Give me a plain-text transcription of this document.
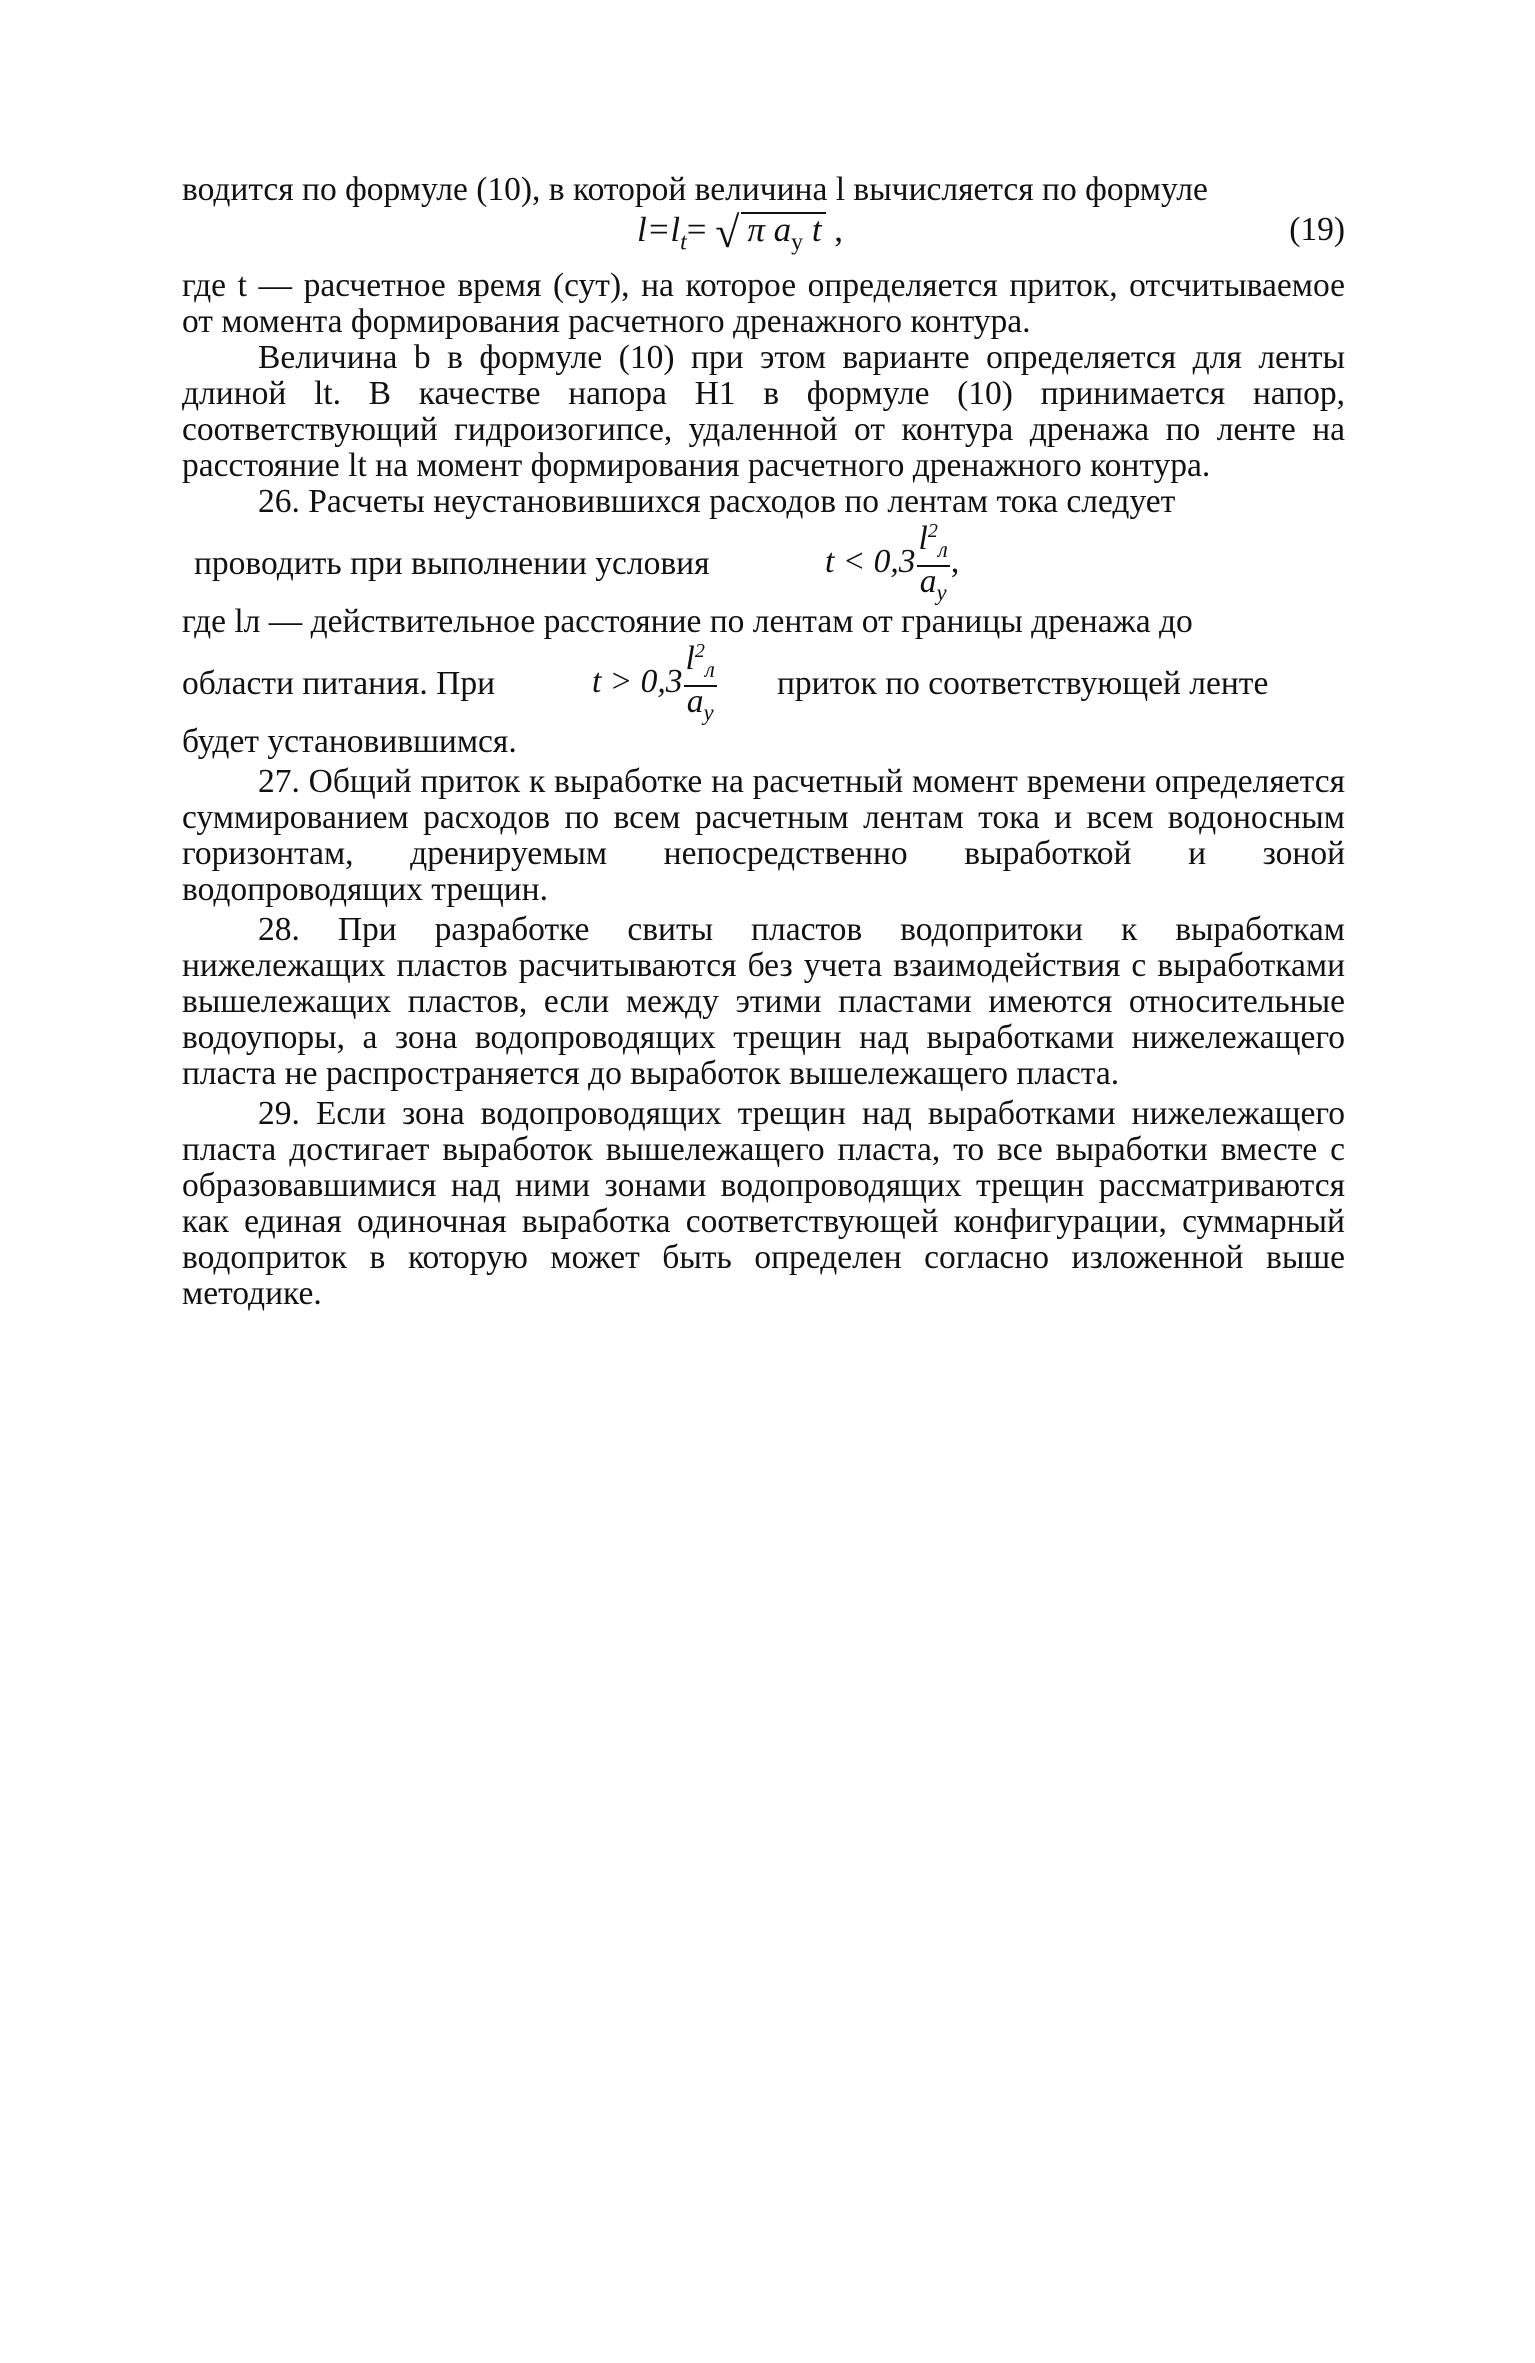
водится по формуле (10), в которой величина l вычисляется по формуле

$l=l_t=$ √ π $a_у$ t ,	(19)

где t — расчетное время (сут), на которое определяется приток, отсчитываемое от момента формирования расчетного дренажного контура.

Величина b в формуле (10) при этом варианте определяется для ленты длиной lt. В качестве напора H1 в формуле (10) принимается напор, соответствующий гидроизогипсе, удаленной от контура дренажа по ленте на расстояние lt на момент формирования расчетного дренажного контура.

26. Расчеты неустановившихся расходов по лентам тока следует

проводить при выполнении условия	$t < 0,3 \frac{l^2_л}{a_у}$ ,

где lл — действительное расстояние по лентам от границы дренажа до

области питания. При	$t > 0,3 \frac{l^2_л}{a_у}$ приток по соответствующей ленте

будет установившимся.

27. Общий приток к выработке на расчетный момент времени определяется суммированием расходов по всем расчетным лентам тока и всем водоносным горизонтам, дренируемым непосредственно выработкой и зоной водопроводящих трещин.

28. При разработке свиты пластов водопритоки к выработкам нижележащих пластов расчитываются без учета взаимодействия с выработками вышележащих пластов, если между этими пластами имеются относительные водоупоры, а зона водопроводящих трещин над выработками нижележащего пласта не распространяется до выработок вышележащего пласта.

29. Если зона водопроводящих трещин над выработками нижележащего пласта достигает выработок вышележащего пласта, то все выработки вместе с образовавшимися над ними зонами водопроводящих трещин рассматриваются как единая одиночная выработка соответствующей конфигурации, суммарный водоприток в которую может быть определен согласно изложенной выше методике.
